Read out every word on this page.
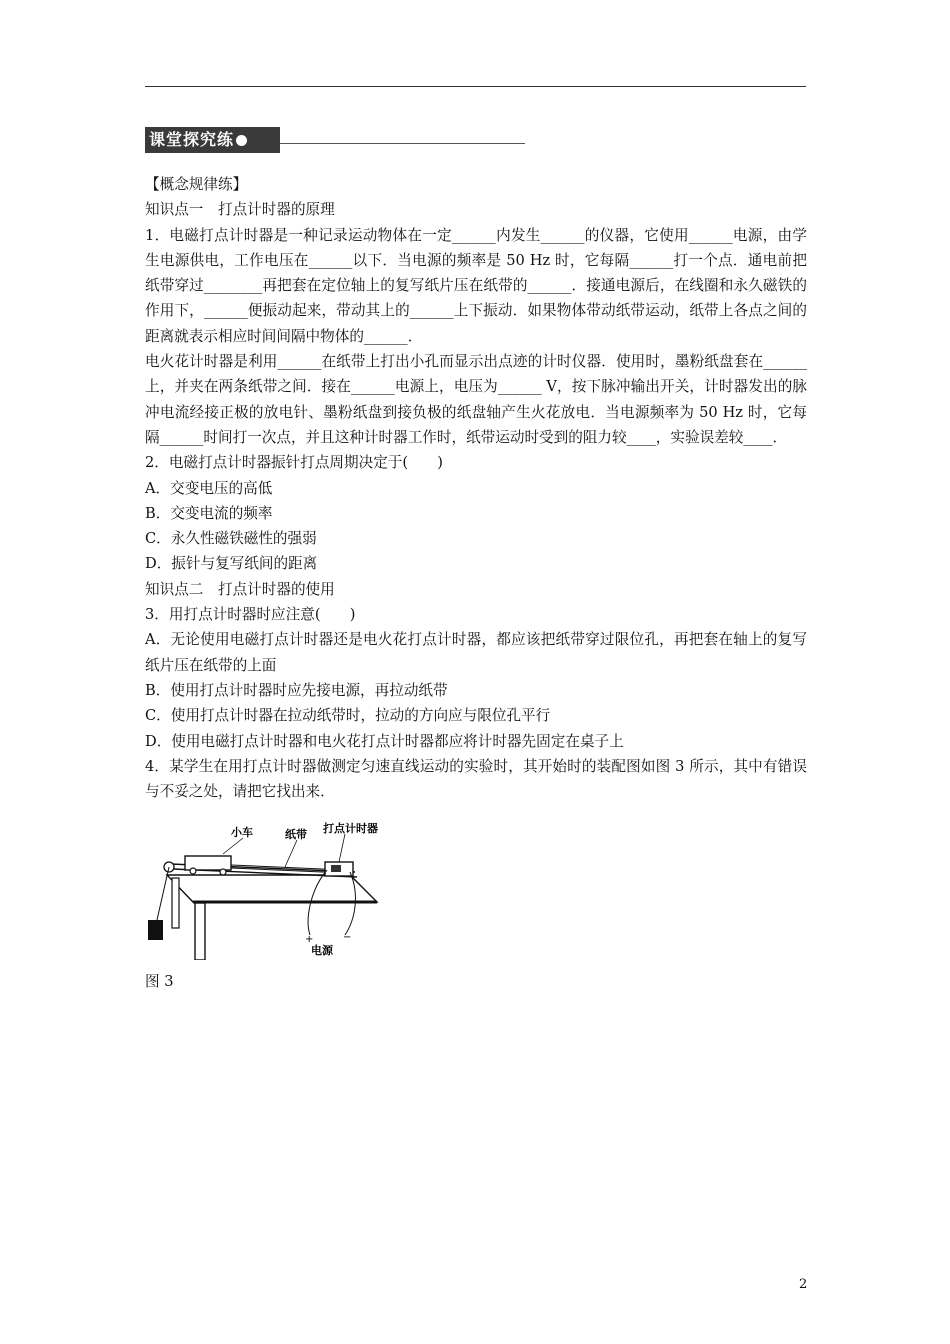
课堂探究练

【概念规律练】

知识点一　打点计时器的原理

1．电磁打点计时器是一种记录运动物体在一定______内发生______的仪器，它使用______电源，由学生电源供电，工作电压在______以下．当电源的频率是 50 Hz 时，它每隔______打一个点．通电前把纸带穿过________再把套在定位轴上的复写纸片压在纸带的______．接通电源后，在线圈和永久磁铁的作用下，______便振动起来，带动其上的______上下振动．如果物体带动纸带运动，纸带上各点之间的距离就表示相应时间间隔中物体的______．

电火花计时器是利用______在纸带上打出小孔而显示出点迹的计时仪器．使用时，墨粉纸盘套在______上，并夹在两条纸带之间．接在______电源上，电压为______ V，按下脉冲输出开关，计时器发出的脉冲电流经接正极的放电针、墨粉纸盘到接负极的纸盘轴产生火花放电．当电源频率为 50 Hz 时，它每隔______时间打一次点，并且这种计时器工作时，纸带运动时受到的阻力较____，实验误差较____．

2．电磁打点计时器振针打点周期决定于(　　)

A．交变电压的高低

B．交变电流的频率

C．永久性磁铁磁性的强弱

D．振针与复写纸间的距离

知识点二　打点计时器的使用

3．用打点计时器时应注意(　　)

A．无论使用电磁打点计时器还是电火花打点计时器，都应该把纸带穿过限位孔，再把套在轴上的复写纸片压在纸带的上面

B．使用打点计时器时应先接电源，再拉动纸带

C．使用打点计时器在拉动纸带时，拉动的方向应与限位孔平行

D．使用电磁打点计时器和电火花打点计时器都应将计时器先固定在桌子上

4．某学生在用打点计时器做测定匀速直线运动的实验时，其开始时的装配图如图 3 所示，其中有错误与不妥之处，请把它找出来．

小车	纸带 打点计时器
+	−
电源
图 3
2
